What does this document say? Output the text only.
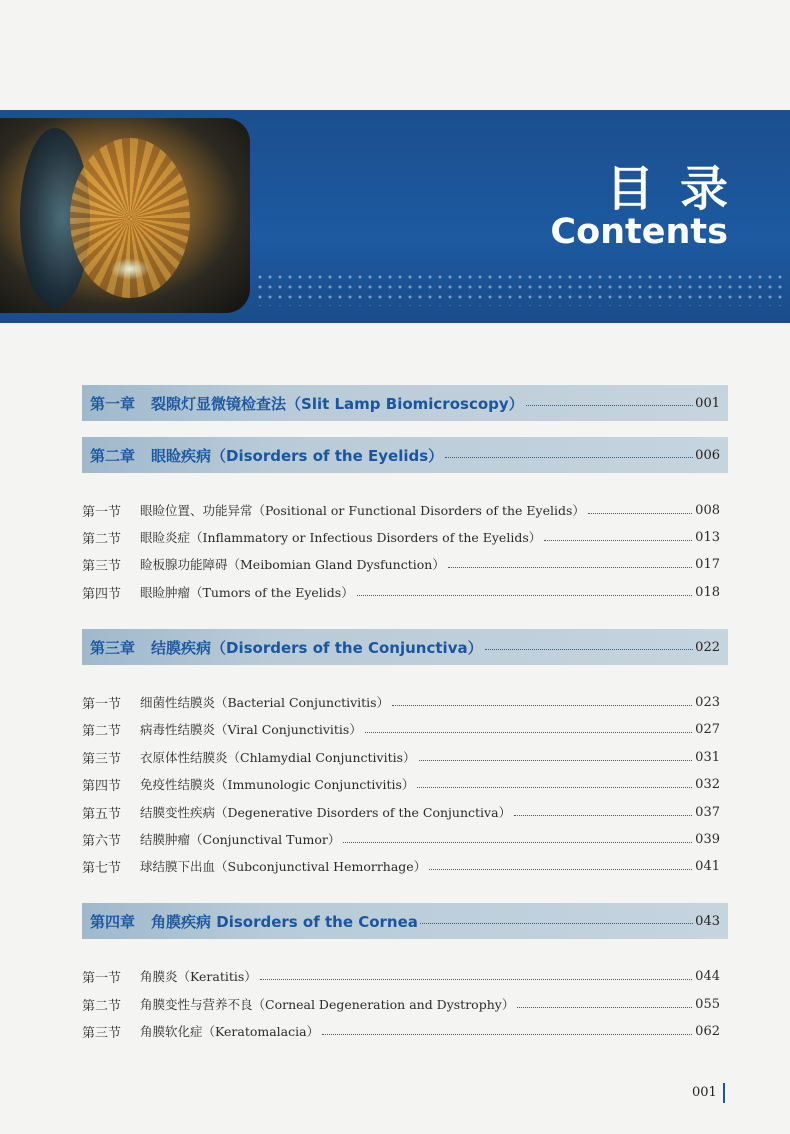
目录
Contents
第一章 裂隙灯显微镜检查法（Slit Lamp Biomicroscopy）	001
第二章 眼睑疾病（Disorders of the Eyelids）	006
第一节	眼睑位置、功能异常（Positional or Functional Disorders of the Eyelids）	008
第二节	眼睑炎症（Inflammatory or Infectious Disorders of the Eyelids）	013
第三节	睑板腺功能障碍（Meibomian Gland Dysfunction）	017
第四节	眼睑肿瘤（Tumors of the Eyelids）	018
第三章 结膜疾病（Disorders of the Conjunctiva）	022
第一节	细菌性结膜炎（Bacterial Conjunctivitis）	023
第二节	病毒性结膜炎（Viral Conjunctivitis）	027
第三节	衣原体性结膜炎（Chlamydial Conjunctivitis）	031
第四节	免疫性结膜炎（Immunologic Conjunctivitis）	032
第五节	结膜变性疾病（Degenerative Disorders of the Conjunctiva）	037
第六节	结膜肿瘤（Conjunctival Tumor）	039
第七节	球结膜下出血（Subconjunctival Hemorrhage）	041
第四章 角膜疾病 Disorders of the Cornea	043
第一节	角膜炎（Keratitis）	044
第二节	角膜变性与营养不良（Corneal Degeneration and Dystrophy）	055
第三节	角膜软化症（Keratomalacia）	062
001
